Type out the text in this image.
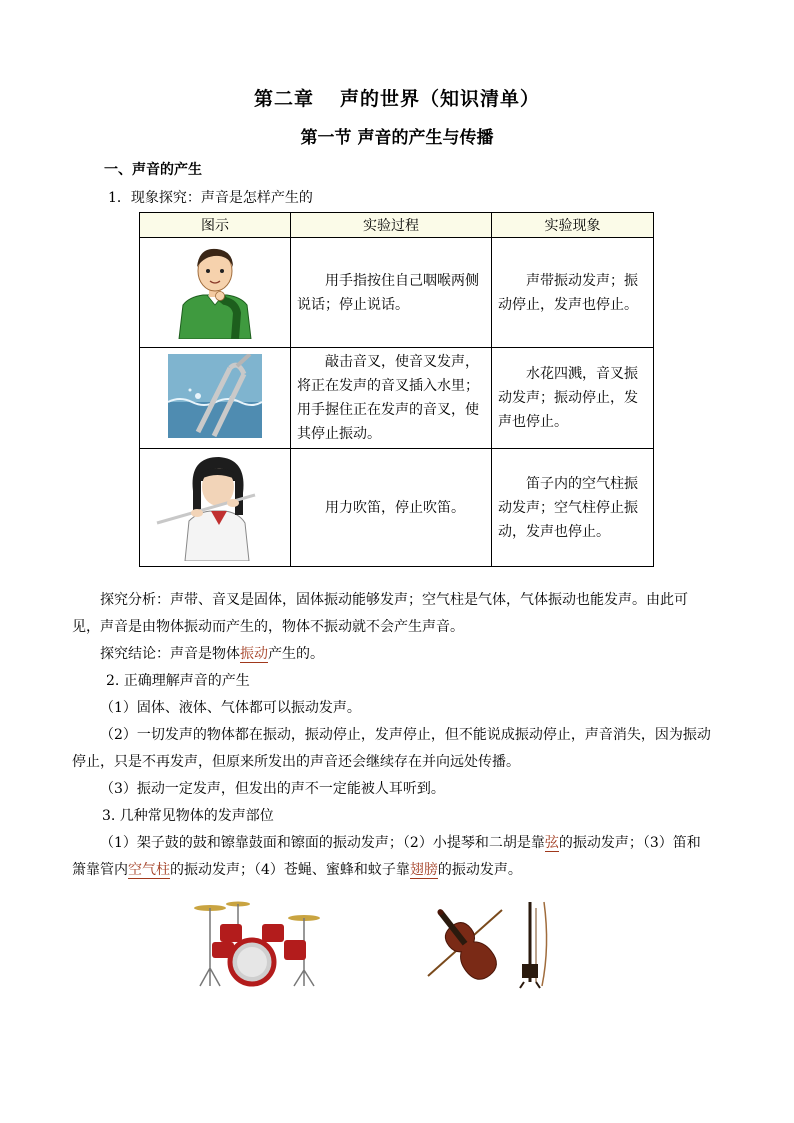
第二章 声的世界（知识清单）
第一节 声音的产生与传播
一、声音的产生
1．现象探究：声音是怎样产生的
图示	实验过程	实验现象
	用手指按住自己咽喉两侧说话；停止说话。	声带振动发声；振动停止，发声也停止。
	敲击音叉，使音叉发声，将正在发声的音叉插入水里；用手握住正在发声的音叉，使其停止振动。	水花四溅，音叉振动发声；振动停止，发声也停止。
	用力吹笛，停止吹笛。	笛子内的空气柱振动发声；空气柱停止振动，发声也停止。
探究分析：声带、音叉是固体，固体振动能够发声；空气柱是气体，气体振动也能发声。由此可见，声音是由物体振动而产生的，物体不振动就不会产生声音。
探究结论：声音是物体振动产生的。
2. 正确理解声音的产生
（1）固体、液体、气体都可以振动发声。
（2）一切发声的物体都在振动，振动停止，发声停止，但不能说成振动停止，声音消失，因为振动停止，只是不再发声，但原来所发出的声音还会继续存在并向远处传播。
（3）振动一定发声，但发出的声不一定能被人耳听到。
3. 几种常见物体的发声部位
（1）架子鼓的鼓和镲靠鼓面和镲面的振动发声；（2）小提琴和二胡是靠弦的振动发声；（3）笛和箫靠管内空气柱的振动发声；（4）苍蝇、蜜蜂和蚊子靠翅膀的振动发声。
